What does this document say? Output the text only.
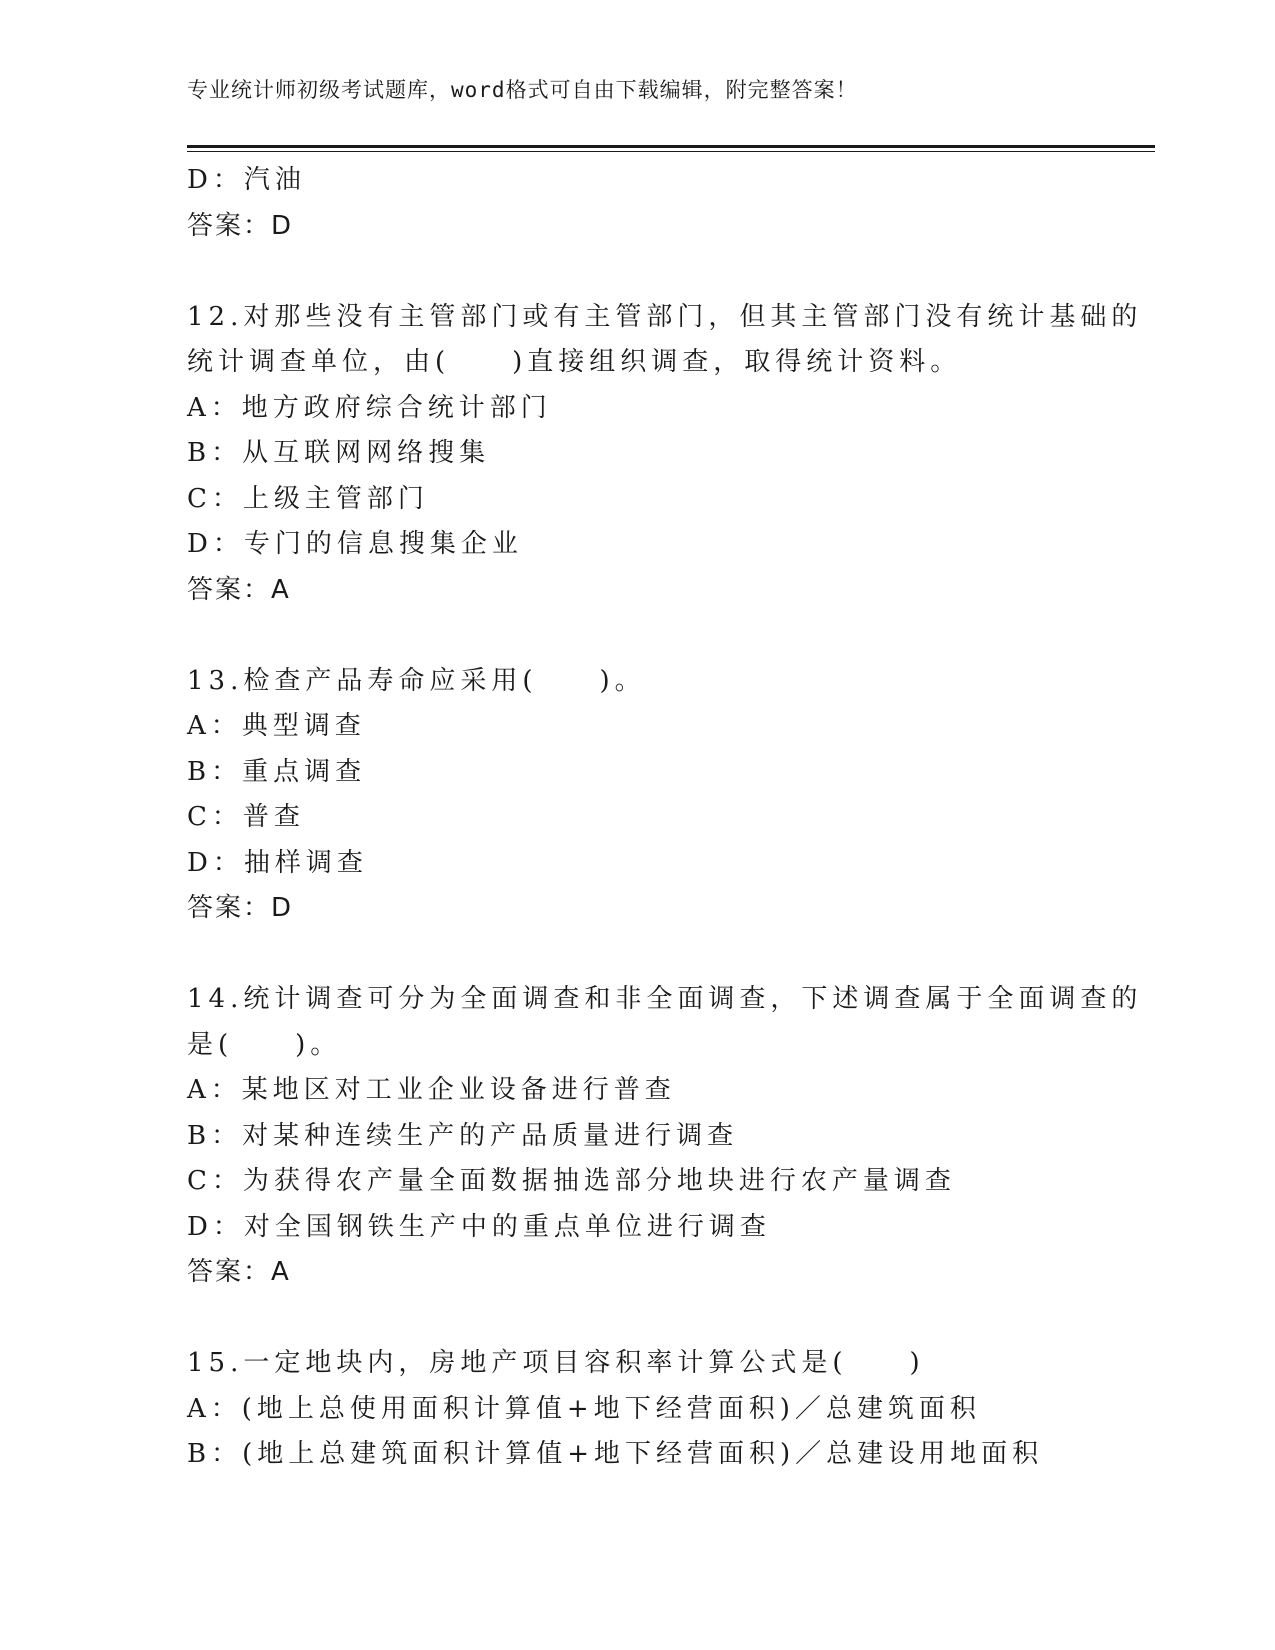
专业统计师初级考试题库，word格式可自由下载编辑，附完整答案！
D：汽油
答案：D
12.对那些没有主管部门或有主管部门，但其主管部门没有统计基础的
统计调查单位，由(　　)直接组织调查，取得统计资料。
A：地方政府综合统计部门
B：从互联网网络搜集
C：上级主管部门
D：专门的信息搜集企业
答案：A
13.检查产品寿命应采用(　　)。
A：典型调查
B：重点调查
C：普查
D：抽样调查
答案：D
14.统计调查可分为全面调查和非全面调查，下述调查属于全面调查的
是(　　)。
A：某地区对工业企业设备进行普查
B：对某种连续生产的产品质量进行调查
C：为获得农产量全面数据抽选部分地块进行农产量调查
D：对全国钢铁生产中的重点单位进行调查
答案：A
15.一定地块内，房地产项目容积率计算公式是(　　)
A：(地上总使用面积计算值+地下经营面积)／总建筑面积
B：(地上总建筑面积计算值+地下经营面积)／总建设用地面积
